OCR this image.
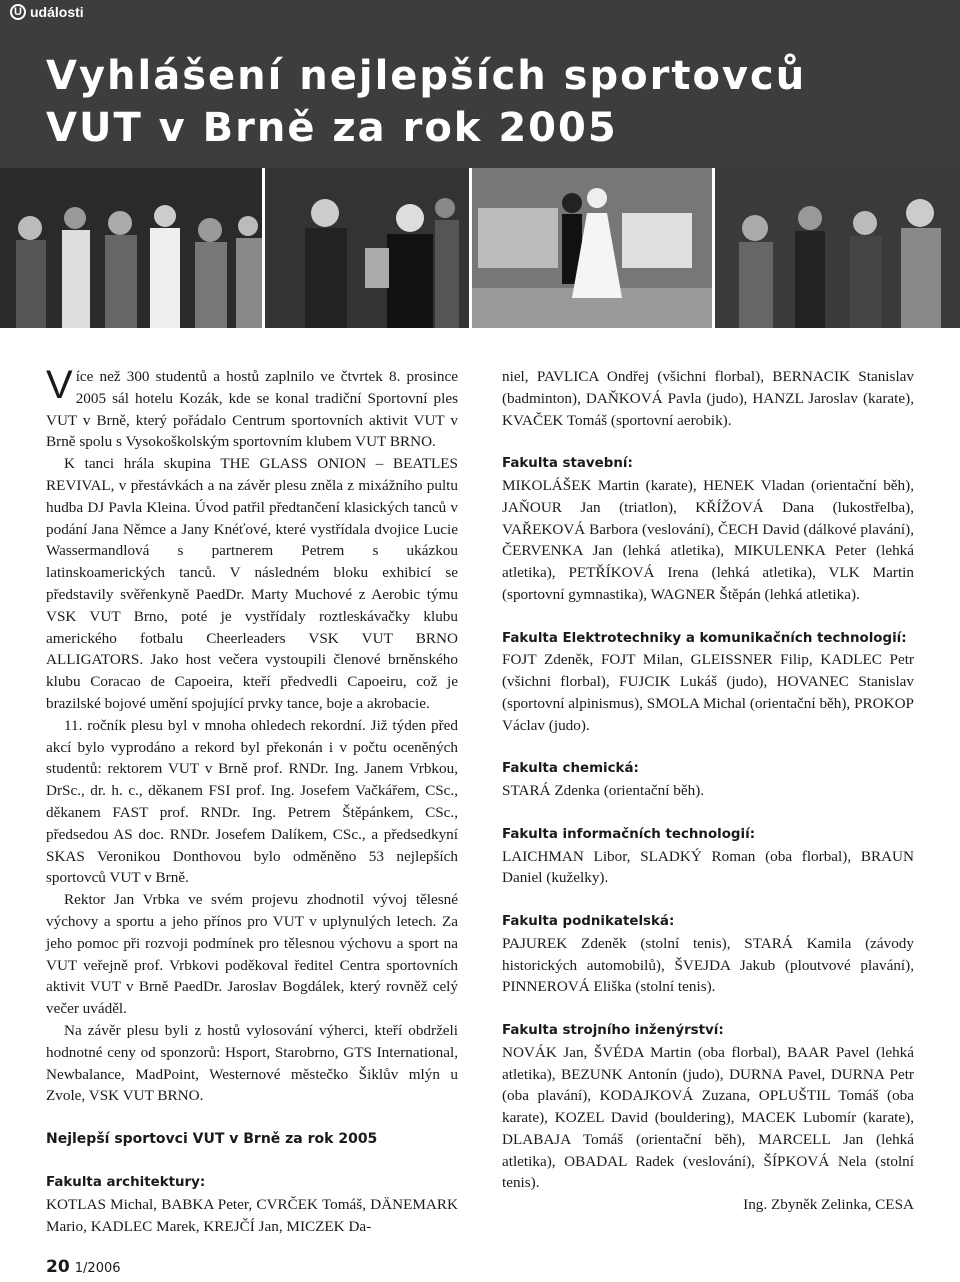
U události
Vyhlášení nejlepších sportovců
VUT v Brně za rok 2005

Více než 300 studentů a hostů zaplnilo ve čtvrtek 8. prosince 2005 sál hotelu Kozák, kde se konal tradiční Sportovní ples VUT v Brně, který pořádalo Centrum sportovních aktivit VUT v Brně spolu s Vysokoškolským sportovním klubem VUT BRNO.

K tanci hrála skupina THE GLASS ONION – BEATLES REVIVAL, v přestávkách a na závěr plesu zněla z mixážního pultu hudba DJ Pavla Kleina. Úvod patřil předtančení klasických tanců v podání Jana Němce a Jany Knéťové, které vystřídala dvojice Lucie Wassermandlová s partnerem Petrem s ukázkou latinskoamerických tanců. V následném bloku exhibicí se představily svěřenkyně PaedDr. Marty Muchové z Aerobic týmu VSK VUT Brno, poté je vystřídaly roztleskávačky klubu amerického fotbalu Cheerleaders VSK VUT BRNO ALLIGATORS. Jako host večera vystoupili členové brněnského klubu Coracao de Capoeira, kteří předvedli Capoeiru, což je brazilské bojové umění spojující prvky tance, boje a akrobacie.

11. ročník plesu byl v mnoha ohledech rekordní. Již týden před akcí bylo vyprodáno a rekord byl překonán i v počtu oceněných studentů: rektorem VUT v Brně prof. RNDr. Ing. Janem Vrbkou, DrSc., dr. h. c., děkanem FSI prof. Ing. Josefem Vačkářem, CSc., děkanem FAST prof. RNDr. Ing. Petrem Štěpánkem, CSc., předsedou AS doc. RNDr. Josefem Dalíkem, CSc., a předsedkyní SKAS Veronikou Donthovou bylo odměněno 53 nejlepších sportovců VUT v Brně.

Rektor Jan Vrbka ve svém projevu zhodnotil vývoj tělesné výchovy a sportu a jeho přínos pro VUT v uplynulých letech. Za jeho pomoc při rozvoji podmínek pro tělesnou výchovu a sport na VUT veřejně prof. Vrbkovi poděkoval ředitel Centra sportovních aktivit VUT v Brně PaedDr. Jaroslav Bogdálek, který rovněž celý večer uváděl.

Na závěr plesu byli z hostů vylosování výherci, kteří obdrželi hodnotné ceny od sponzorů: Hsport, Starobrno, GTS International, Newbalance, MadPoint, Westernové městečko Šiklův mlýn u Zvole, VSK VUT BRNO.

Nejlepší sportovci VUT v Brně za rok 2005

Fakulta architektury:

KOTLAS Michal, BABKA Peter, CVRČEK Tomáš, DÄNEMARK Mario, KADLEC Marek, KREJČÍ Jan, MICZEK Da-

niel, PAVLICA Ondřej (všichni florbal), BERNACIK Stanislav (badminton), DAŇKOVÁ Pavla (judo), HANZL Jaroslav (karate), KVAČEK Tomáš (sportovní aerobik).

Fakulta stavební:

MIKOLÁŠEK Martin (karate), HENEK Vladan (orientační běh), JAŇOUR Jan (triatlon), KŘÍŽOVÁ Dana (lukostřelba), VAŘEKOVÁ Barbora (veslování), ČECH David (dálkové plavání), ČERVENKA Jan (lehká atletika), MIKULENKA Peter (lehká atletika), PETŘÍKOVÁ Irena (lehká atletika), VLK Martin (sportovní gymnastika), WAGNER Štěpán (lehká atletika).

Fakulta Elektrotechniky a komunikačních technologií:

FOJT Zdeněk, FOJT Milan, GLEISSNER Filip, KADLEC Petr (všichni florbal), FUJCIK Lukáš (judo), HOVANEC Stanislav (sportovní alpinismus), SMOLA Michal (orientační běh), PROKOP Václav (judo).

Fakulta chemická:

STARÁ Zdenka (orientační běh).

Fakulta informačních technologií:

LAICHMAN Libor, SLADKÝ Roman (oba florbal), BRAUN Daniel (kuželky).

Fakulta podnikatelská:

PAJUREK Zdeněk (stolní tenis), STARÁ Kamila (závody historických automobilů), ŠVEJDA Jakub (ploutvové plavání), PINNEROVÁ Eliška (stolní tenis).

Fakulta strojního inženýrství:

NOVÁK Jan, ŠVÉDA Martin (oba florbal), BAAR Pavel (lehká atletika), BEZUNK Antonín (judo), DURNA Pavel, DURNA Petr (oba plavání), KODAJKOVÁ Zuzana, OPLUŠTIL Tomáš (oba karate), KOZEL David (bouldering), MACEK Lubomír (karate), DLABAJA Tomáš (orientační běh), MARCELL Jan (lehká atletika), OBADAL Radek (veslování), ŠÍPKOVÁ Nela (stolní tenis).

Ing. Zbyněk Zelinka, CESA

20 1/2006
